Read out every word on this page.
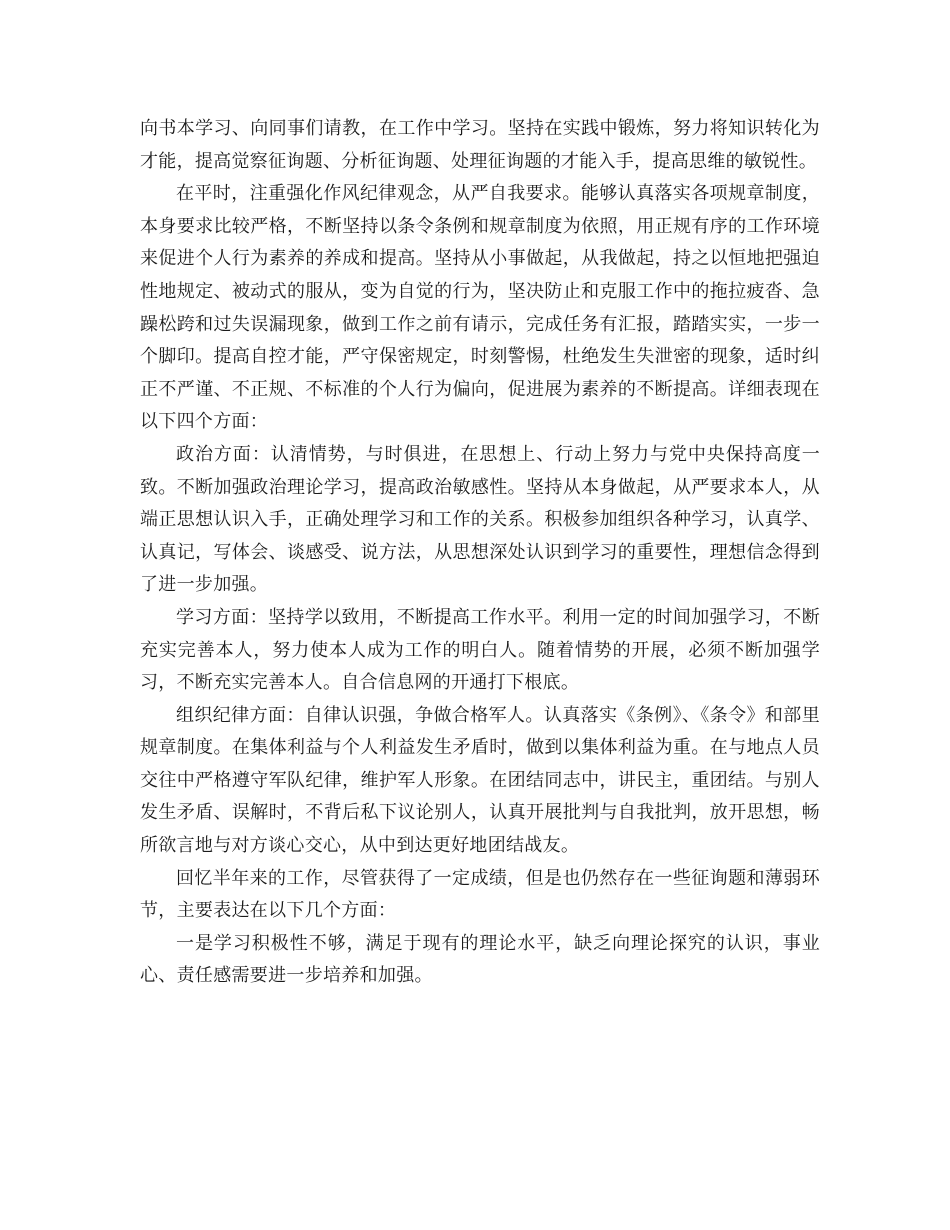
向书本学习、向同事们请教，在工作中学习。坚持在实践中锻炼，努力将知识转化为才能，提高觉察征询题、分析征询题、处理征询题的才能入手，提高思维的敏锐性。

在平时，注重强化作风纪律观念，从严自我要求。能够认真落实各项规章制度，本身要求比较严格，不断坚持以条令条例和规章制度为依照，用正规有序的工作环境来促进个人行为素养的养成和提高。坚持从小事做起，从我做起，持之以恒地把强迫性地规定、被动式的服从，变为自觉的行为，坚决防止和克服工作中的拖拉疲沓、急躁松跨和过失误漏现象，做到工作之前有请示，完成任务有汇报，踏踏实实，一步一个脚印。提高自控才能，严守保密规定，时刻警惕，杜绝发生失泄密的现象，适时纠正不严谨、不正规、不标准的个人行为偏向，促进展为素养的不断提高。详细表现在以下四个方面：

政治方面：认清情势，与时俱进，在思想上、行动上努力与党中央保持高度一致。不断加强政治理论学习，提高政治敏感性。坚持从本身做起，从严要求本人，从端正思想认识入手，正确处理学习和工作的关系。积极参加组织各种学习，认真学、认真记，写体会、谈感受、说方法，从思想深处认识到学习的重要性，理想信念得到了进一步加强。

学习方面：坚持学以致用，不断提高工作水平。利用一定的时间加强学习，不断充实完善本人，努力使本人成为工作的明白人。随着情势的开展，必须不断加强学习，不断充实完善本人。自合信息网的开通打下根底。

组织纪律方面：自律认识强，争做合格军人。认真落实《条例》、《条令》和部里规章制度。在集体利益与个人利益发生矛盾时，做到以集体利益为重。在与地点人员交往中严格遵守军队纪律，维护军人形象。在团结同志中，讲民主，重团结。与别人发生矛盾、误解时，不背后私下议论别人，认真开展批判与自我批判，放开思想，畅所欲言地与对方谈心交心，从中到达更好地团结战友。

回忆半年来的工作，尽管获得了一定成绩，但是也仍然存在一些征询题和薄弱环节，主要表达在以下几个方面：

一是学习积极性不够，满足于现有的理论水平，缺乏向理论探究的认识，事业心、责任感需要进一步培养和加强。
